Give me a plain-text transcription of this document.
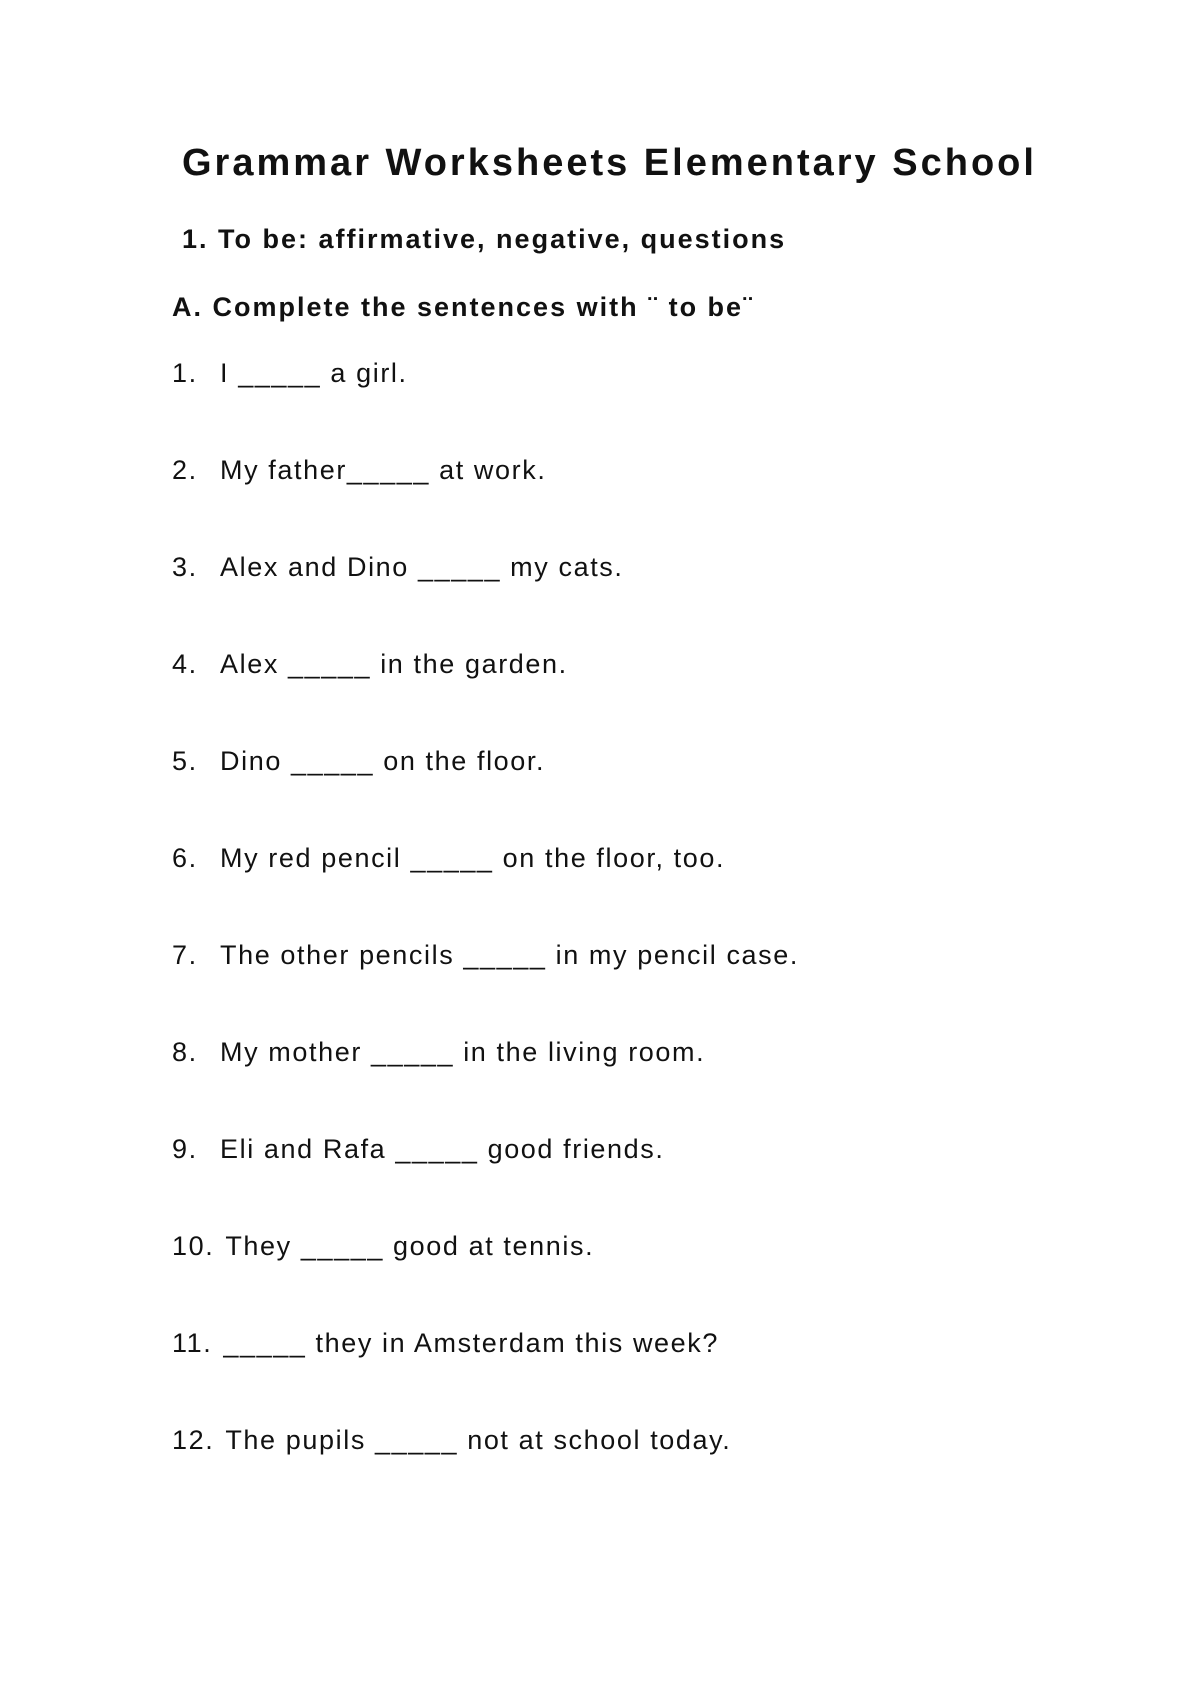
Grammar Worksheets Elementary School
1. To be: affirmative, negative, questions
A. Complete the sentences with ¨ to be¨
1. I _____ a girl.
2. My father_____ at work.
3. Alex and Dino _____ my cats.
4. Alex _____ in the garden.
5. Dino _____ on the floor.
6. My red pencil _____ on the floor, too.
7. The other pencils _____ in my pencil case.
8. My mother _____ in the living room.
9. Eli and Rafa _____ good friends.
10. They _____ good at tennis.
11. _____ they in Amsterdam this week?
12. The pupils _____ not at school today.
